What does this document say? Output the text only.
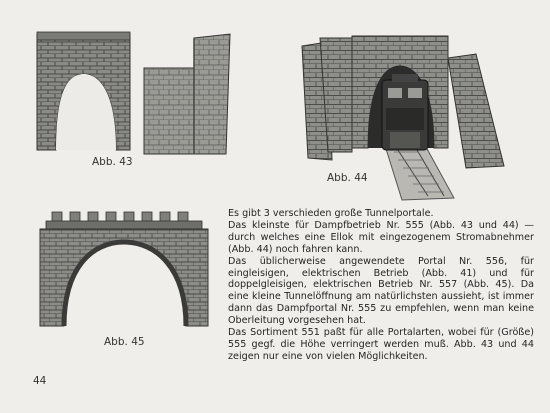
Abb. 43
Abb. 44
Abb. 45

Es gibt 3 verschieden große Tunnelportale.

Das kleinste für Dampfbetrieb Nr. 555 (Abb. 43 und 44) — durch welches eine Ellok mit eingezogenem Stromabnehmer (Abb. 44) noch fahren kann.

Das üblicherweise angewendete Portal Nr. 556, für eingleisigen, elektrischen Betrieb (Abb. 41) und für doppelgleisigen, elektrischen Betrieb Nr. 557 (Abb. 45). Da eine kleine Tunnelöffnung am natürlichsten aussieht, ist immer dann das Dampfportal Nr. 555 zu empfehlen, wenn man keine Oberleitung vorgesehen hat.

Das Sortiment 551 paßt für alle Portalarten, wobei für (Größe) 555 gegf. die Höhe verringert werden muß. Abb. 43 und 44 zeigen nur eine von vielen Möglichkeiten.

44
